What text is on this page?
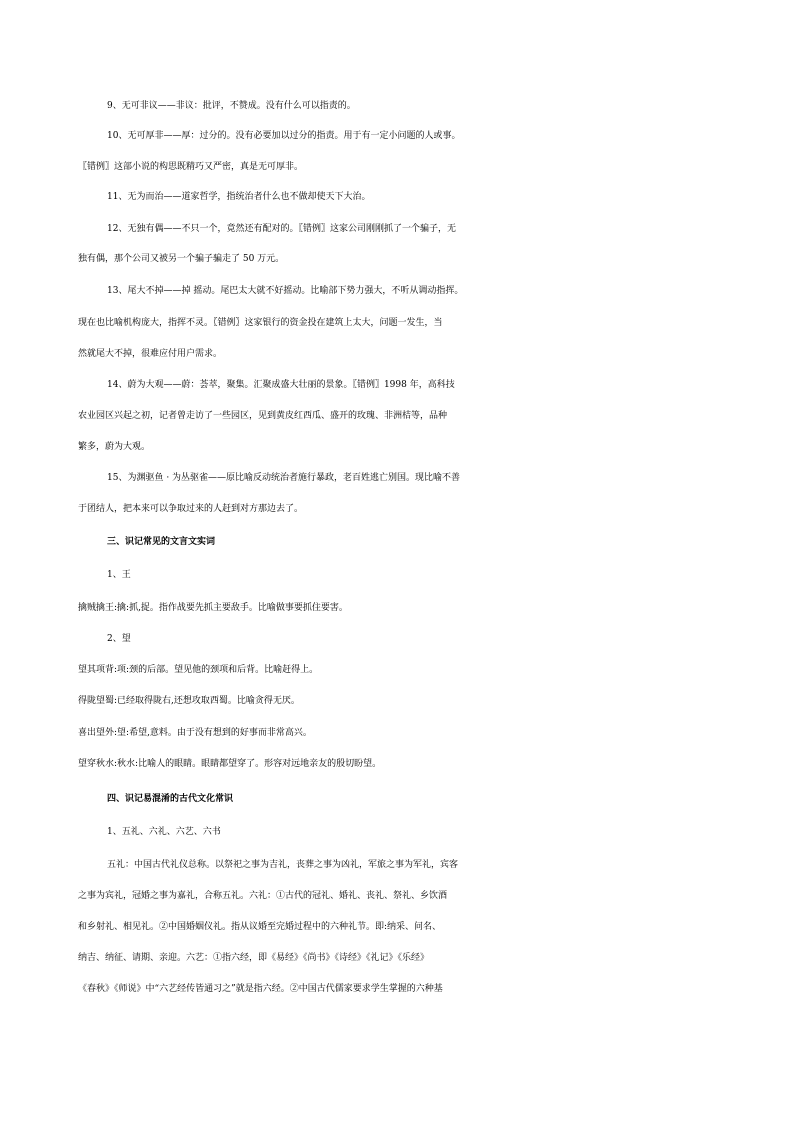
9、无可非议——非议：批评，不赞成。没有什么可以指责的。
10、无可厚非——厚：过分的。没有必要加以过分的指责。用于有一定小问题的人或事。
〖错例〗这部小说的构思既精巧又严密，真是无可厚非。
11、无为而治——道家哲学，指统治者什么也不做却使天下大治。
12、无独有偶——不只一个，竟然还有配对的。〖错例〗这家公司刚刚抓了一个骗子，无
独有偶，那个公司又被另一个骗子骗走了 50 万元。
13、尾大不掉——掉 摇动。尾巴太大就不好摇动。比喻部下势力强大，不听从调动指挥。
现在也比喻机构庞大，指挥不灵。〖错例〗这家银行的资金投在建筑上太大，问题一发生，当
然就尾大不掉，很难应付用户需求。
14、蔚为大观——蔚：荟萃，聚集。汇聚成盛大壮丽的景象。〖错例〗1998 年，高科技
农业园区兴起之初，记者曾走访了一些园区，见到黄皮红西瓜、盛开的玫瑰、非洲桔等，品种
繁多，蔚为大观。
15、为渊驱鱼 · 为丛驱雀——原比喻反动统治者施行暴政，老百姓逃亡别国。现比喻不善
于团结人，把本来可以争取过来的人赶到对方那边去了。
三、识记常见的文言文实词
1、王
擒贼擒王:擒:抓,捉。指作战要先抓主要敌手。比喻做事要抓住要害。
2、望
望其项背:项:颈的后部。望见他的颈项和后背。比喻赶得上。
得陇望蜀:已经取得陇右,还想攻取西蜀。比喻贪得无厌。
喜出望外:望:希望,意料。由于没有想到的好事而非常高兴。
望穿秋水:秋水:比喻人的眼睛。眼睛都望穿了。形容对远地亲友的殷切盼望。
四、识记易混淆的古代文化常识
1、五礼、六礼、六艺、六书
五礼：中国古代礼仪总称。以祭祀之事为吉礼，丧葬之事为凶礼，军旅之事为军礼，宾客
之事为宾礼，冠婚之事为嘉礼，合称五礼。六礼：①古代的冠礼、婚礼、丧礼、祭礼、乡饮酒
和乡射礼、相见礼。②中国婚姻仪礼。指从议婚至完婚过程中的六种礼节。即:纳采、问名、
纳吉、纳征、请期、亲迎。六艺：①指六经，即《易经》《尚书》《诗经》《礼记》《乐经》
《春秋》《师说》中“六艺经传皆通习之”就是指六经。②中国古代儒家要求学生掌握的六种基
